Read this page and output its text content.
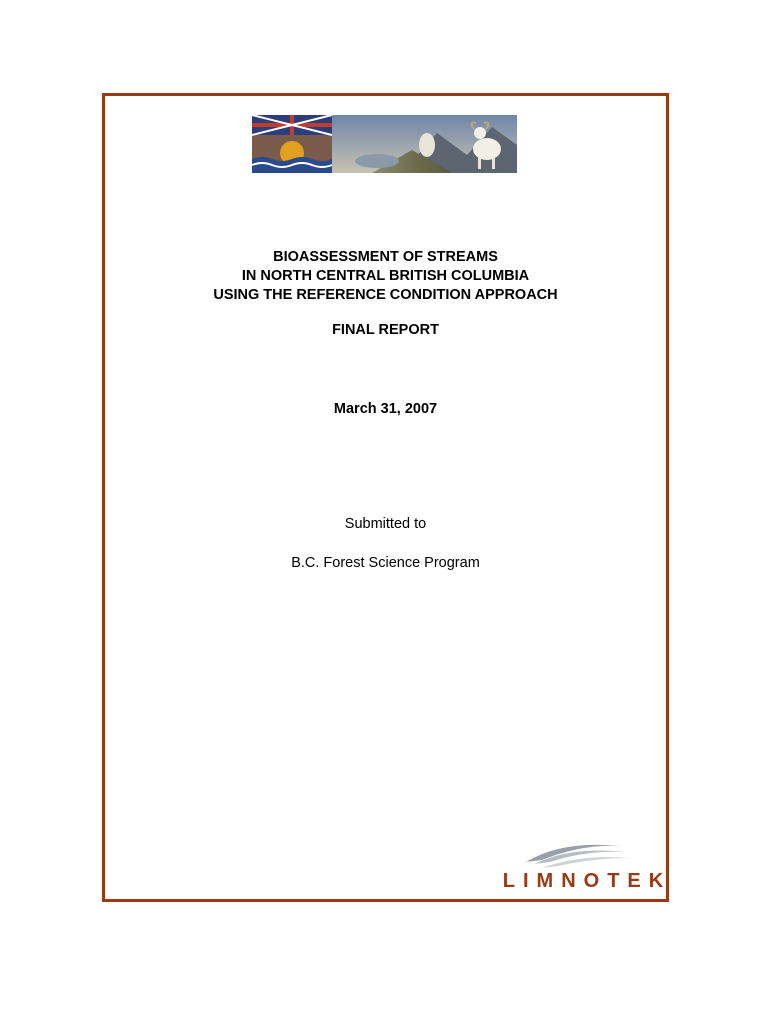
BIOASSESSMENT OF STREAMS
IN NORTH CENTRAL BRITISH COLUMBIA
USING THE REFERENCE CONDITION APPROACH
FINAL REPORT
March 31, 2007
Submitted to
B.C. Forest Science Program
LIMNOTEK
